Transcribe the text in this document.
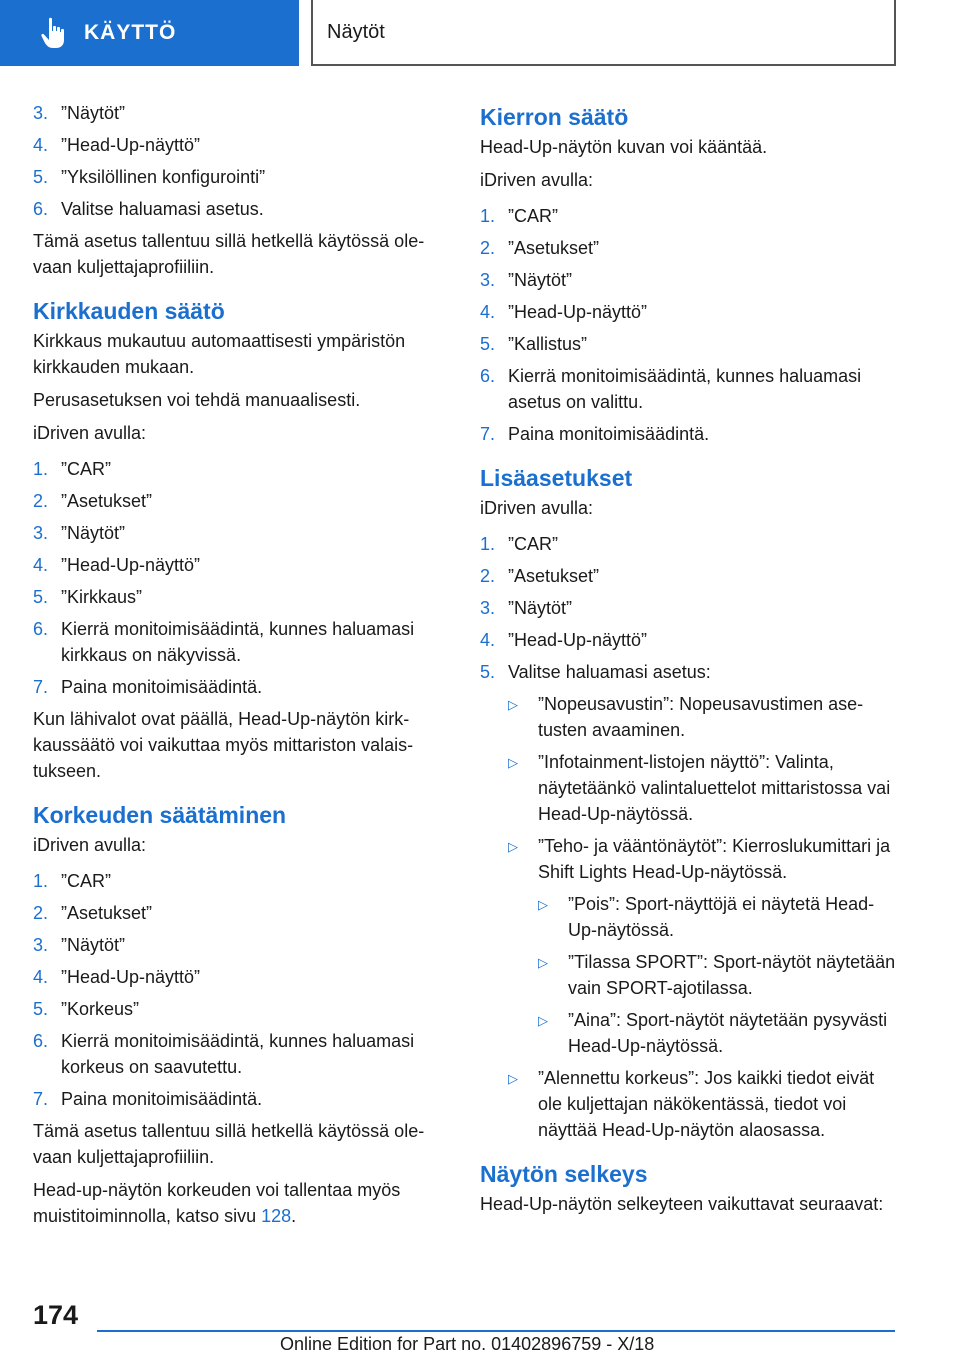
KÄYTTÖ	Näytöt
3. ”Näytöt”
4. ”Head-Up-näyttö”
5. ”Yksilöllinen konfigurointi”
6. Valitse haluamasi asetus.

Tämä asetus tallentuu sillä hetkellä käytössä olevaan kuljettajaprofiiliin.

Kirkkauden säätö

Kirkkaus mukautuu automaattisesti ympäristön kirkkauden mukaan.

Perusasetuksen voi tehdä manuaalisesti.

iDriven avulla:

1. ”CAR”
2. ”Asetukset”
3. ”Näytöt”
4. ”Head-Up-näyttö”
5. ”Kirkkaus”
6. Kierrä monitoimisäädintä, kunnes haluamasi kirkkaus on näkyvissä.
7. Paina monitoimisäädintä.

Kun lähivalot ovat päällä, Head-Up-näytön kirkkaussäätö voi vaikuttaa myös mittariston valaistukseen.

Korkeuden säätäminen

iDriven avulla:

1. ”CAR”
2. ”Asetukset”
3. ”Näytöt”
4. ”Head-Up-näyttö”
5. ”Korkeus”
6. Kierrä monitoimisäädintä, kunnes haluamasi korkeus on saavutettu.
7. Paina monitoimisäädintä.

Tämä asetus tallentuu sillä hetkellä käytössä olevaan kuljettajaprofiiliin.

Head-up-näytön korkeuden voi tallentaa myös muistitoiminnolla, katso sivu 128.

Kierron säätö

Head-Up-näytön kuvan voi kääntää.

iDriven avulla:

1. ”CAR”
2. ”Asetukset”
3. ”Näytöt”
4. ”Head-Up-näyttö”
5. ”Kallistus”
6. Kierrä monitoimisäädintä, kunnes haluamasi asetus on valittu.
7. Paina monitoimisäädintä.
Lisäasetukset

iDriven avulla:

1. ”CAR”
2. ”Asetukset”
3. ”Näytöt”
4. ”Head-Up-näyttö”
5. Valitse haluamasi asetus:
▷	”Nopeusavustin”: Nopeusavustimen asetusten avaaminen.
▷	”Infotainment-listojen näyttö”: Valinta, näytetäänkö valintaluettelot mittaristossa vai Head-Up-näytössä.
▷	”Teho- ja vääntönäytöt”: Kierroslukumittari ja Shift Lights Head-Up-näytössä.
▷	”Pois”: Sport-näyttöjä ei näytetä Head-Up-näytössä.
▷	”Tilassa SPORT”: Sport-näytöt näytetään vain SPORT-ajotilassa.
▷	”Aina”: Sport-näytöt näytetään pysyvästi Head-Up-näytössä.
▷	”Alennettu korkeus”: Jos kaikki tiedot eivät ole kuljettajan näkökentässä, tiedot voi näyttää Head-Up-näytön alaosassa.
Näytön selkeys

Head-Up-näytön selkeyteen vaikuttavat seuraavat:

174
Online Edition for Part no. 01402896759 - X/18
